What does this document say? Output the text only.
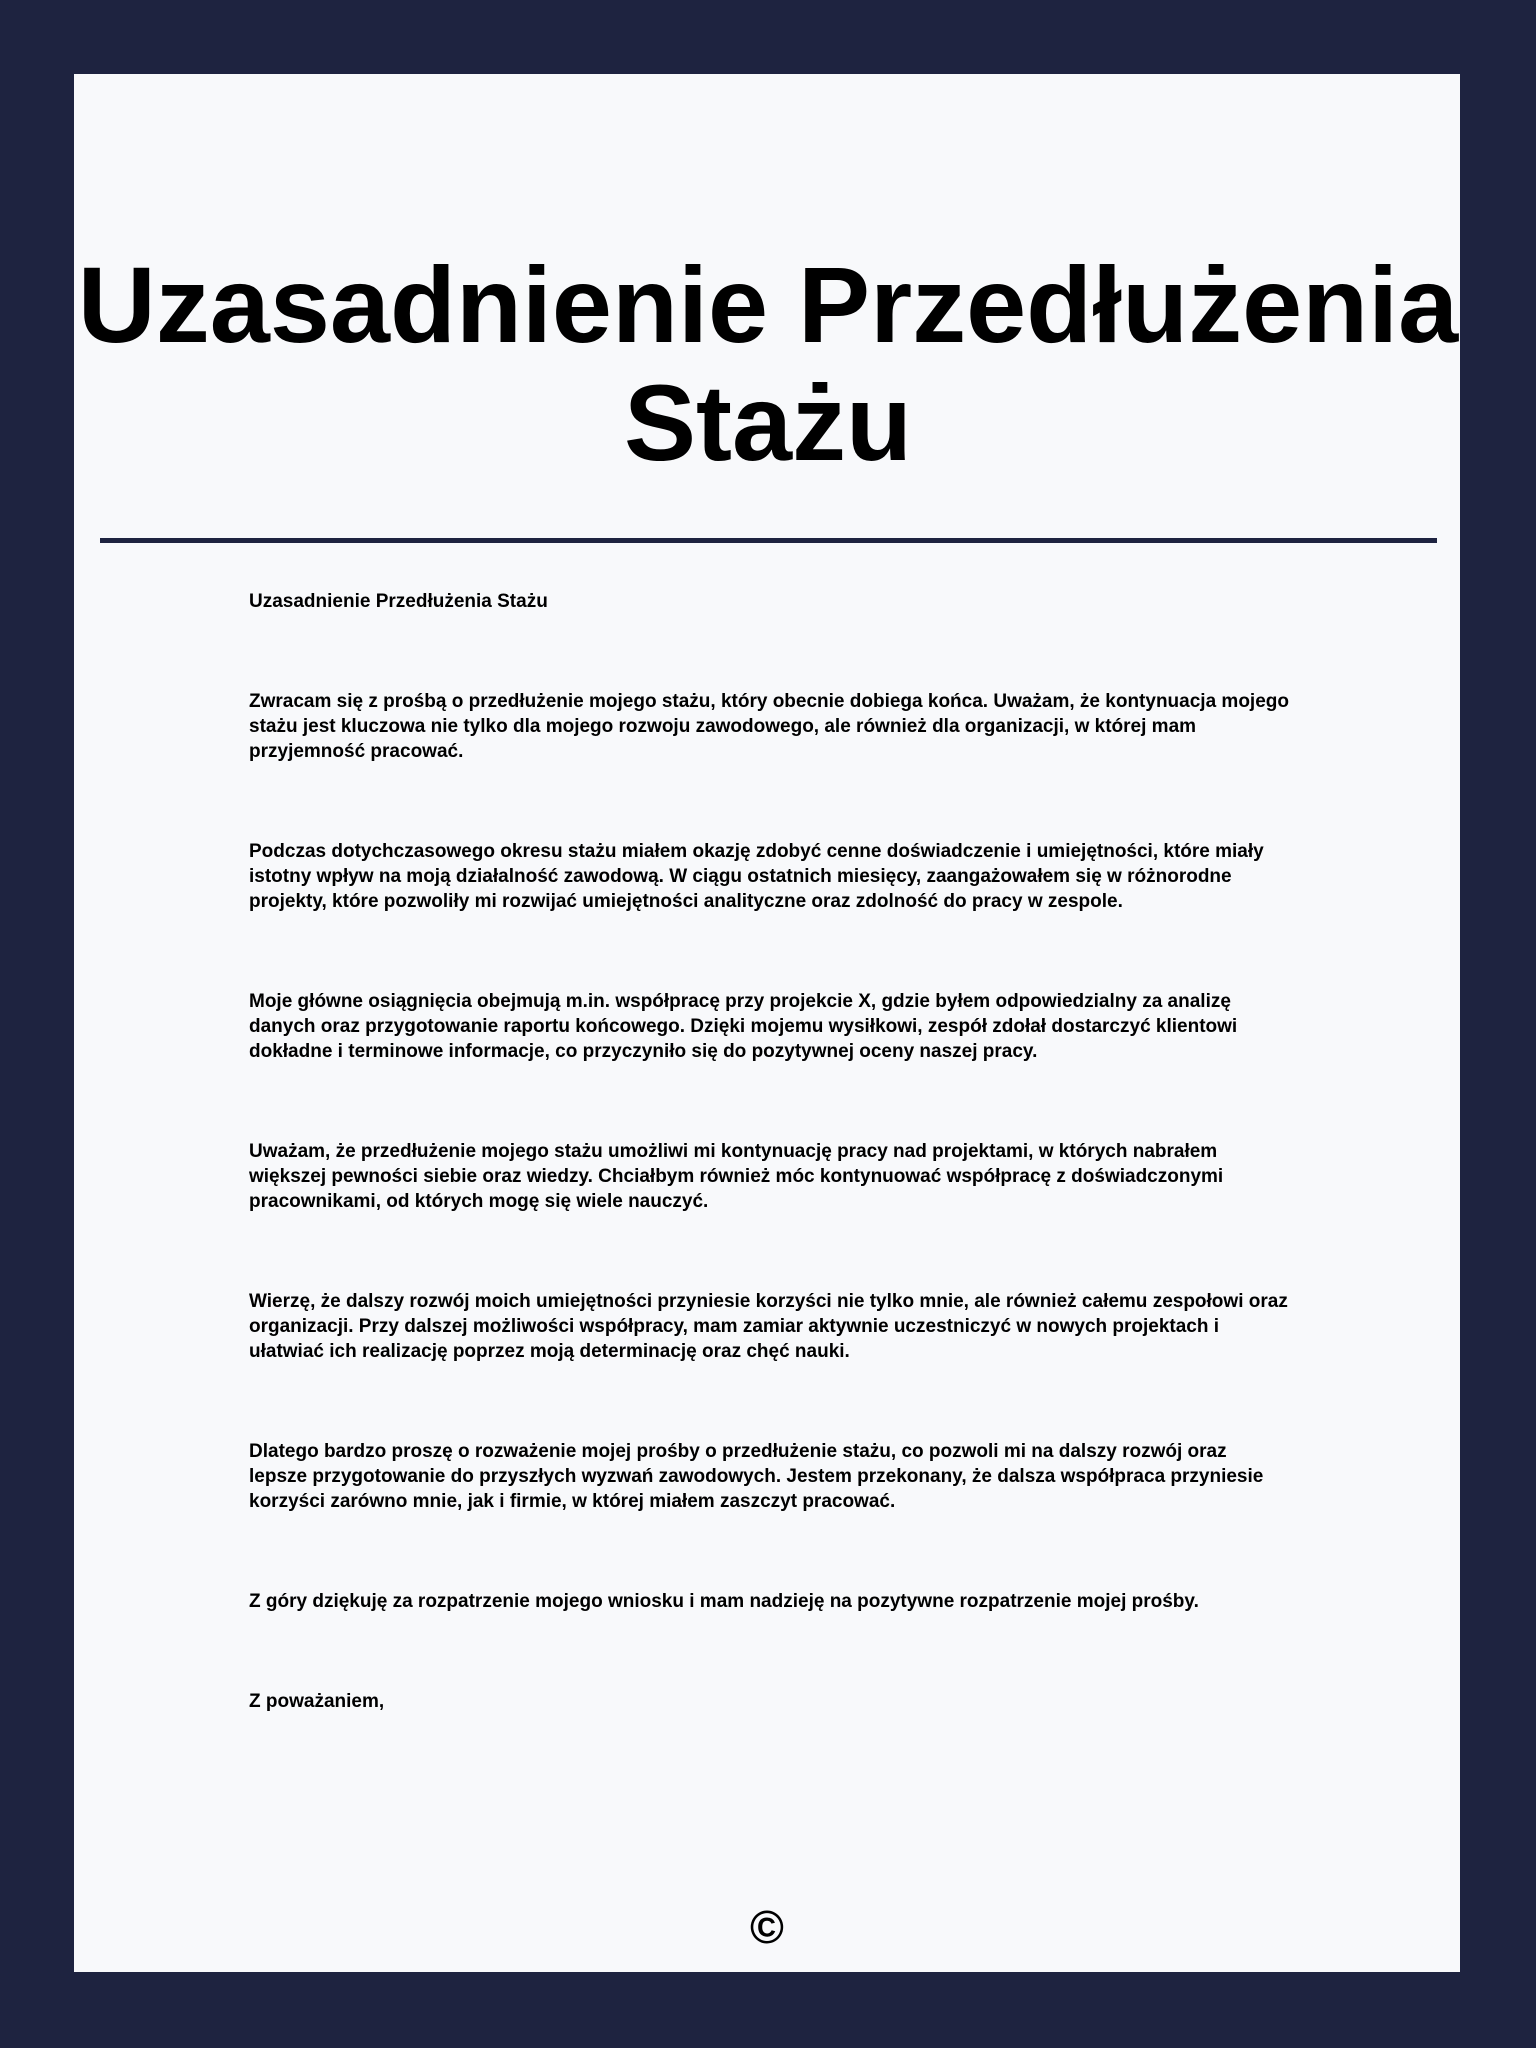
Uzasadnienie Przedłużenia Stażu

Uzasadnienie Przedłużenia Stażu

Zwracam się z prośbą o przedłużenie mojego stażu, który obecnie dobiega końca. Uważam, że kontynuacja mojego stażu jest kluczowa nie tylko dla mojego rozwoju zawodowego, ale również dla organizacji, w której mam przyjemność pracować.

Podczas dotychczasowego okresu stażu miałem okazję zdobyć cenne doświadczenie i umiejętności, które miały istotny wpływ na moją działalność zawodową. W ciągu ostatnich miesięcy, zaangażowałem się w różnorodne projekty, które pozwoliły mi rozwijać umiejętności analityczne oraz zdolność do pracy w zespole.

Moje główne osiągnięcia obejmują m.in. współpracę przy projekcie X, gdzie byłem odpowiedzialny za analizę danych oraz przygotowanie raportu końcowego. Dzięki mojemu wysiłkowi, zespół zdołał dostarczyć klientowi dokładne i terminowe informacje, co przyczyniło się do pozytywnej oceny naszej pracy.

Uważam, że przedłużenie mojego stażu umożliwi mi kontynuację pracy nad projektami, w których nabrałem większej pewności siebie oraz wiedzy. Chciałbym również móc kontynuować współpracę z doświadczonymi pracownikami, od których mogę się wiele nauczyć.

Wierzę, że dalszy rozwój moich umiejętności przyniesie korzyści nie tylko mnie, ale również całemu zespołowi oraz organizacji. Przy dalszej możliwości współpracy, mam zamiar aktywnie uczestniczyć w nowych projektach i ułatwiać ich realizację poprzez moją determinację oraz chęć nauki.

Dlatego bardzo proszę o rozważenie mojej prośby o przedłużenie stażu, co pozwoli mi na dalszy rozwój oraz lepsze przygotowanie do przyszłych wyzwań zawodowych. Jestem przekonany, że dalsza współpraca przyniesie korzyści zarówno mnie, jak i firmie, w której miałem zaszczyt pracować.

Z góry dziękuję za rozpatrzenie mojego wniosku i mam nadzieję na pozytywne rozpatrzenie mojej prośby.

Z poważaniem,

©
